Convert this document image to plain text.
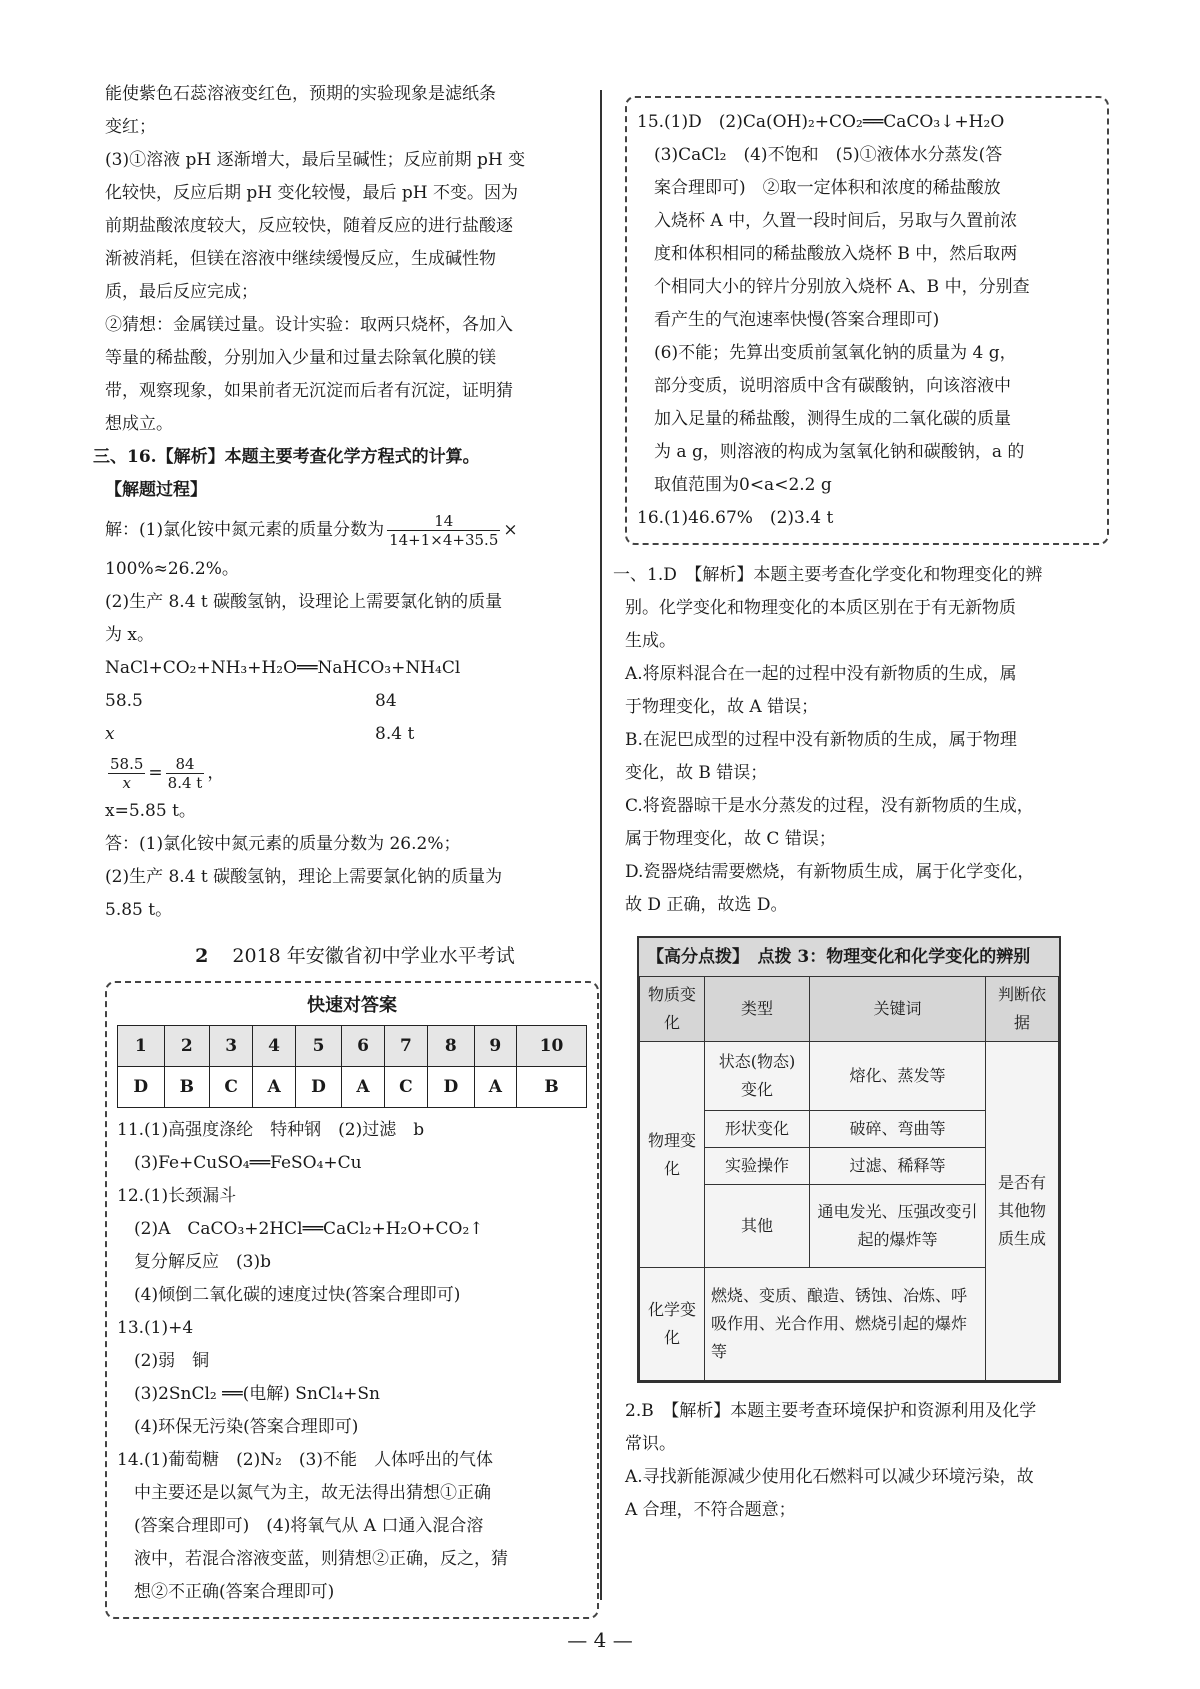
能使紫色石蕊溶液变红色，预期的实验现象是滤纸条

变红；

(3)①溶液 pH 逐渐增大，最后呈碱性；反应前期 pH 变

化较快，反应后期 pH 变化较慢，最后 pH 不变。因为

前期盐酸浓度较大，反应较快，随着反应的进行盐酸逐

渐被消耗，但镁在溶液中继续缓慢反应，生成碱性物

质，最后反应完成；

②猜想：金属镁过量。设计实验：取两只烧杯，各加入

等量的稀盐酸，分别加入少量和过量去除氧化膜的镁

带，观察现象，如果前者无沉淀而后者有沉淀，证明猜

想成立。

三、16.【解析】本题主要考查化学方程式的计算。

【解题过程】

解：(1)氯化铵中氮元素的质量分数为 $\frac{14}{14+1\times 4+35.5}$ ×

100%≈26.2%。

(2)生产 8.4 t 碳酸氢钠，设理论上需要氯化钠的质量

为 x。

NaCl+CO₂+NH₃+H₂O══NaHCO₃+NH₄Cl

58.5	84
x	8.4 t

$\frac{58.5}{x} = \frac{84}{8.4 t}$ ，

x=5.85 t。

答：(1)氯化铵中氮元素的质量分数为 26.2%；

(2)生产 8.4 t 碳酸氢钠，理论上需要氯化钠的质量为

5.85 t。

2 2018 年安徽省初中学业水平考试
快速对答案
1	2	3	4	5	6	7	8	9	10
D	B	C	A	D	A	C	D	A	B

11.(1)高强度涤纶　特种钢　(2)过滤　b

　(3)Fe+CuSO₄══FeSO₄+Cu

12.(1)长颈漏斗

　(2)A　CaCO₃+2HCl══CaCl₂+H₂O+CO₂↑

　复分解反应　(3)b

　(4)倾倒二氧化碳的速度过快(答案合理即可)

13.(1)+4

　(2)弱　铜

　(3)2SnCl₂ ══(电解) SnCl₄+Sn

　(4)环保无污染(答案合理即可)

14.(1)葡萄糖　(2)N₂　(3)不能　人体呼出的气体

　中主要还是以氮气为主，故无法得出猜想①正确

　(答案合理即可)　(4)将氧气从 A 口通入混合溶

　液中，若混合溶液变蓝，则猜想②正确，反之，猜

　想②不正确(答案合理即可)

15.(1)D　(2)Ca(OH)₂+CO₂══CaCO₃↓+H₂O

　(3)CaCl₂　(4)不饱和　(5)①液体水分蒸发(答

　案合理即可)　②取一定体积和浓度的稀盐酸放

　入烧杯 A 中，久置一段时间后，另取与久置前浓

　度和体积相同的稀盐酸放入烧杯 B 中，然后取两

　个相同大小的锌片分别放入烧杯 A、B 中，分别查

　看产生的气泡速率快慢(答案合理即可)

　(6)不能；先算出变质前氢氧化钠的质量为 4 g，

　部分变质，说明溶质中含有碳酸钠，向该溶液中

　加入足量的稀盐酸，测得生成的二氧化碳的质量

　为 a g，则溶液的构成为氢氧化钠和碳酸钠，a 的

　取值范围为0<a<2.2 g

16.(1)46.67%　(2)3.4 t

一、1.D　【解析】本题主要考查化学变化和物理变化的辨

别。化学变化和物理变化的本质区别在于有无新物质

生成。

A.将原料混合在一起的过程中没有新物质的生成，属

于物理变化，故 A 错误；

B.在泥巴成型的过程中没有新物质的生成，属于物理

变化，故 B 错误；

C.将瓷器晾干是水分蒸发的过程，没有新物质的生成，

属于物理变化，故 C 错误；

D.瓷器烧结需要燃烧，有新物质生成，属于化学变化，

故 D 正确，故选 D。

【高分点拨】　点拨 3：物理变化和化学变化的辨别
物质变化	类型	关键词	判断依据
物理变化	状态(物态)变化	熔化、蒸发等	是否有其他物质生成
	形状变化	破碎、弯曲等	
	实验操作	过滤、稀释等	
	其他	通电发光、压强改变引起的爆炸等	
化学变化	燃烧、变质、酿造、锈蚀、冶炼、呼吸作用、光合作用、燃烧引起的爆炸等		

2.B　【解析】本题主要考查环境保护和资源利用及化学

常识。

A.寻找新能源减少使用化石燃料可以减少环境污染，故

A 合理，不符合题意；

— 4 —
